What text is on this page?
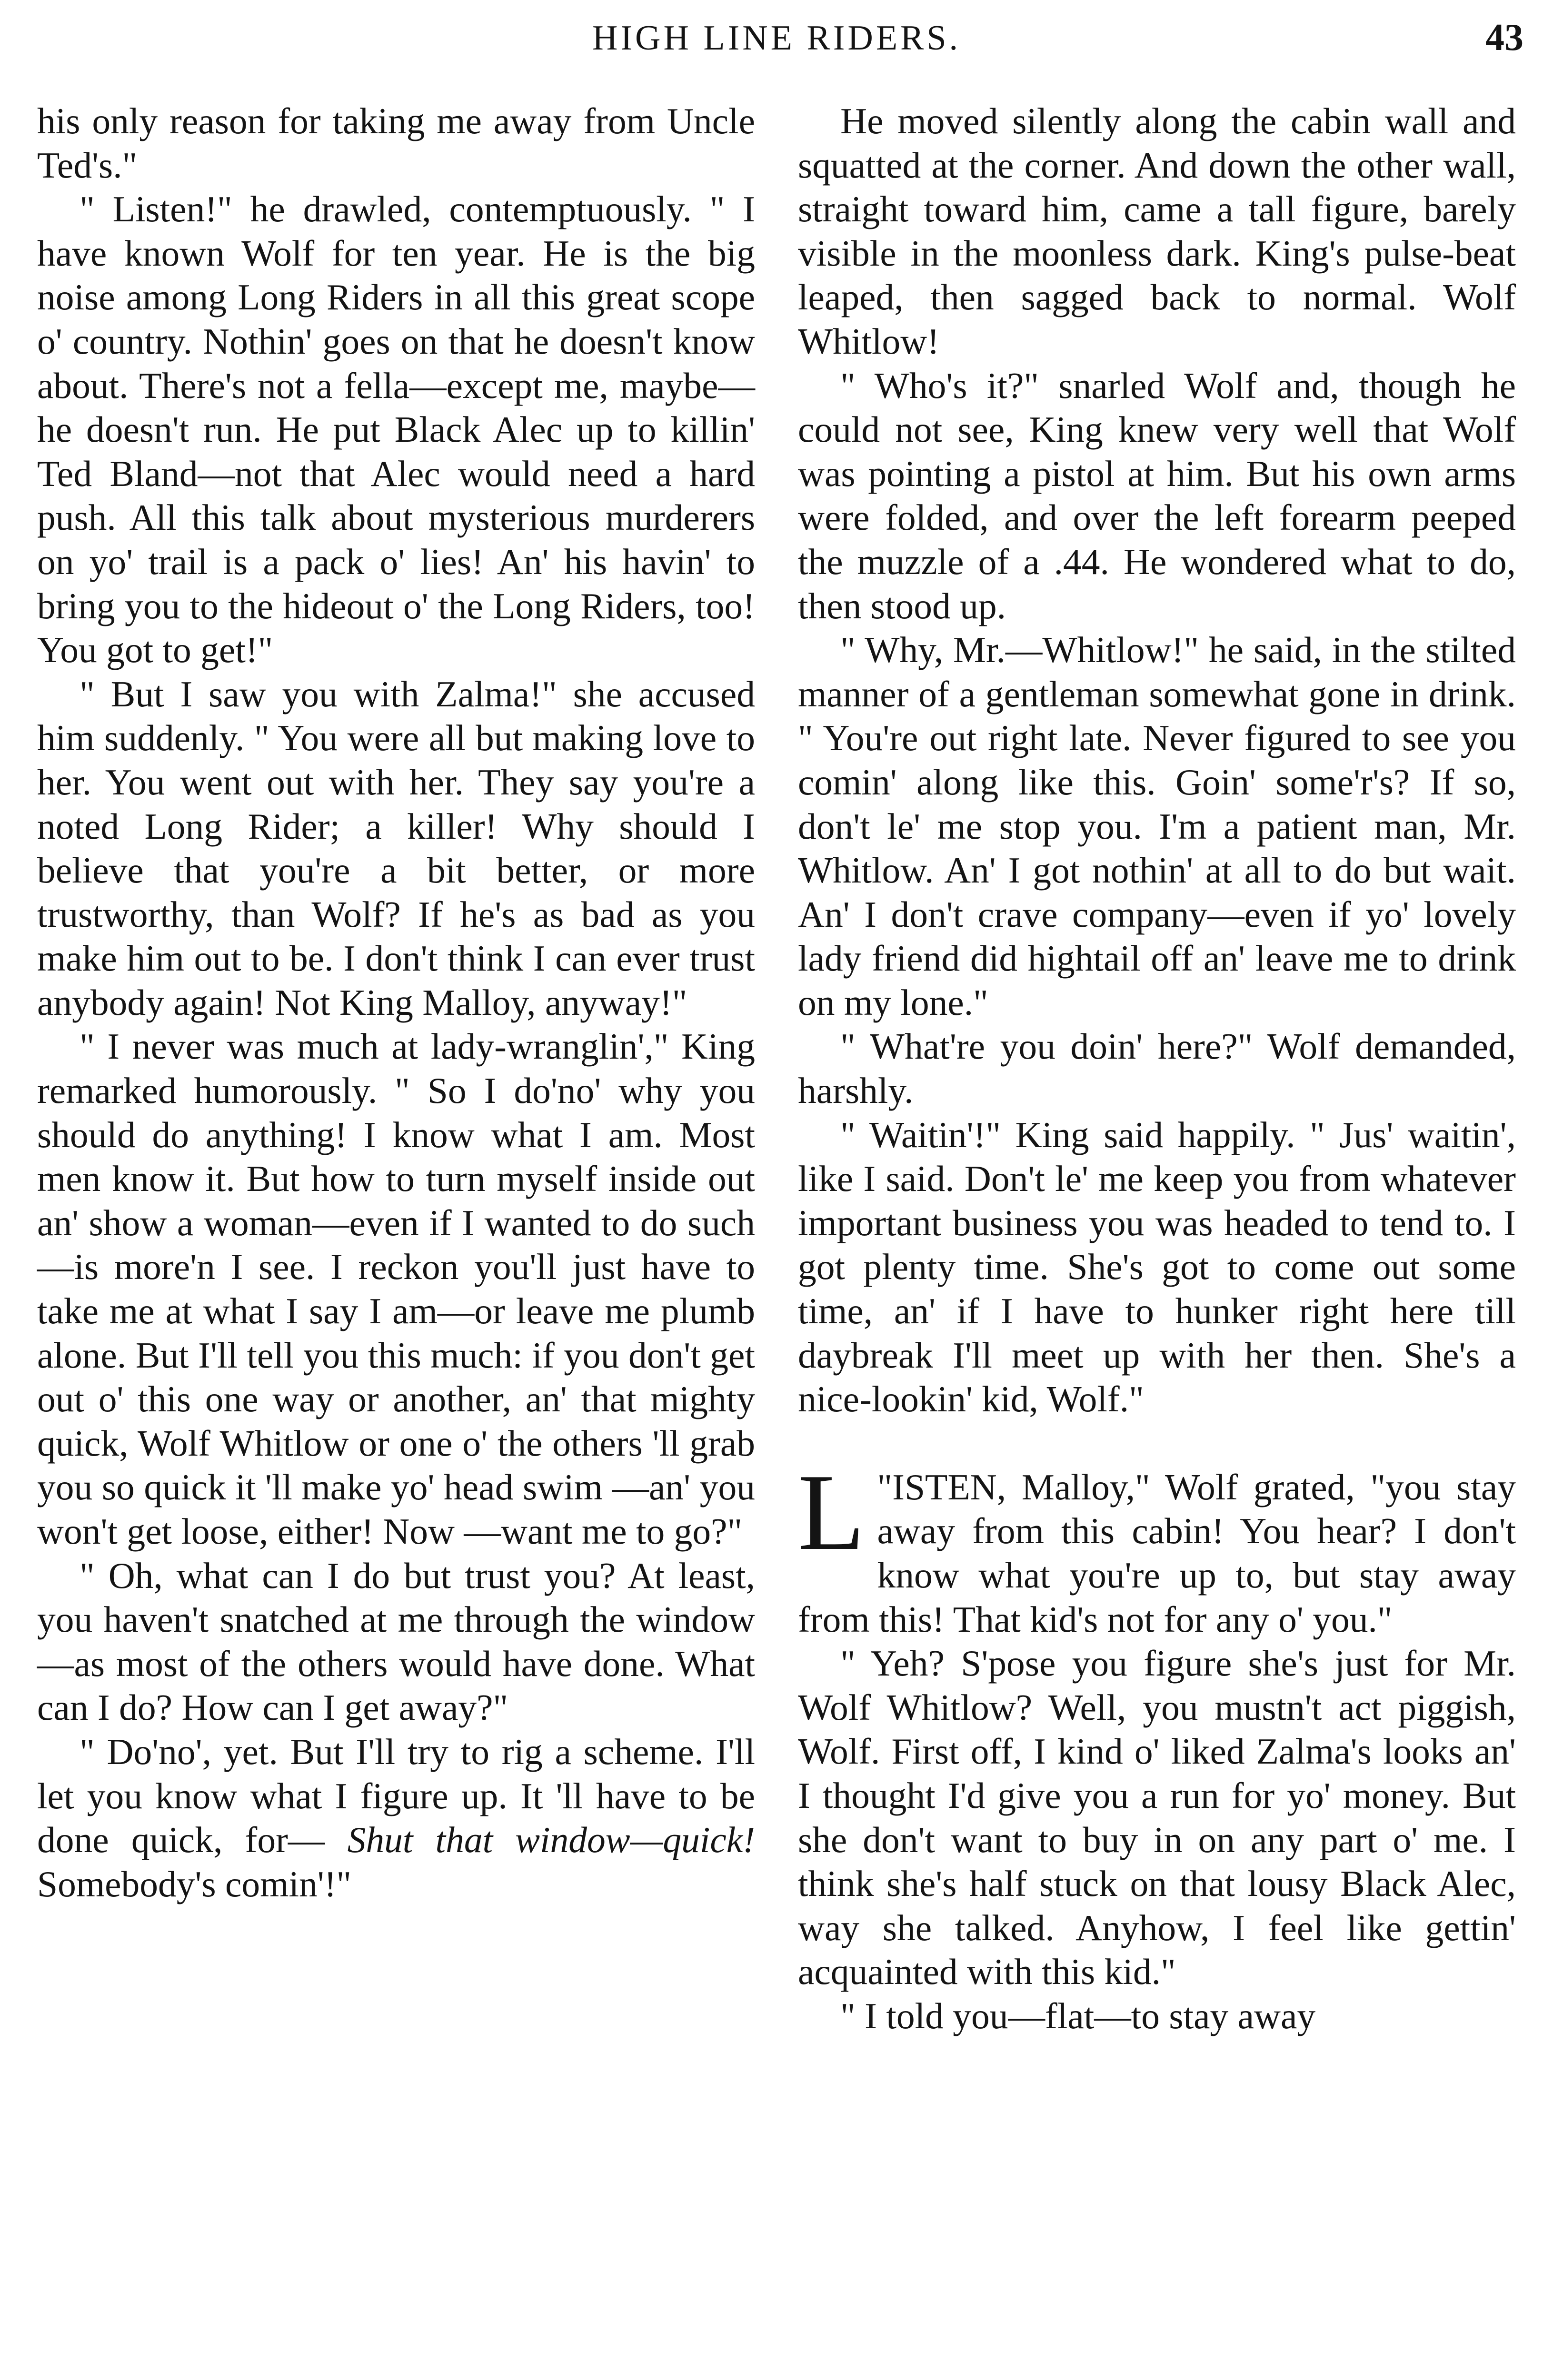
HIGH LINE RIDERS.	43

his only reason for taking me away from Uncle Ted's."

" Listen!" he drawled, contemptuously. " I have known Wolf for ten year. He is the big noise among Long Riders in all this great scope o' country. Nothin' goes on that he doesn't know about. There's not a fella—except me, maybe—he doesn't run. He put Black Alec up to killin' Ted Bland—not that Alec would need a hard push. All this talk about mysterious murderers on yo' trail is a pack o' lies! An' his havin' to bring you to the hideout o' the Long Riders, too! You got to get!"

" But I saw you with Zalma!" she accused him suddenly. " You were all but making love to her. You went out with her. They say you're a noted Long Rider; a killer! Why should I believe that you're a bit better, or more trustworthy, than Wolf? If he's as bad as you make him out to be. I don't think I can ever trust anybody again! Not King Malloy, anyway!"

" I never was much at lady-wranglin'," King remarked humorously. " So I do'no' why you should do anything! I know what I am. Most men know it. But how to turn myself inside out an' show a woman—even if I wanted to do such—is more'n I see. I reckon you'll just have to take me at what I say I am—or leave me plumb alone. But I'll tell you this much: if you don't get out o' this one way or another, an' that mighty quick, Wolf Whitlow or one o' the others 'll grab you so quick it 'll make yo' head swim —an' you won't get loose, either! Now —want me to go?"

" Oh, what can I do but trust you? At least, you haven't snatched at me through the window—as most of the others would have done. What can I do? How can I get away?"

" Do'no', yet. But I'll try to rig a scheme. I'll let you know what I figure up. It 'll have to be done quick, for— Shut that window—quick! Somebody's comin'!"

He moved silently along the cabin wall and squatted at the corner. And down the other wall, straight toward him, came a tall figure, barely visible in the moonless dark. King's pulse-beat leaped, then sagged back to normal. Wolf Whitlow!

" Who's it?" snarled Wolf and, though he could not see, King knew very well that Wolf was pointing a pistol at him. But his own arms were folded, and over the left forearm peeped the muzzle of a .44. He wondered what to do, then stood up.

" Why, Mr.—Whitlow!" he said, in the stilted manner of a gentleman somewhat gone in drink. " You're out right late. Never figured to see you comin' along like this. Goin' some'r's? If so, don't le' me stop you. I'm a patient man, Mr. Whitlow. An' I got nothin' at all to do but wait. An' I don't crave company—even if yo' lovely lady friend did hightail off an' leave me to drink on my lone."

" What're you doin' here?" Wolf demanded, harshly.

" Waitin'!" King said happily. " Jus' waitin', like I said. Don't le' me keep you from whatever important business you was headed to tend to. I got plenty time. She's got to come out some time, an' if I have to hunker right here till daybreak I'll meet up with her then. She's a nice-lookin' kid, Wolf."

"
L ISTEN, Malloy," Wolf grated, "you stay away from this cabin! You hear? I don't know what you're up to, but stay away from this! That kid's not for any o' you."

" Yeh? S'pose you figure she's just for Mr. Wolf Whitlow? Well, you mustn't act piggish, Wolf. First off, I kind o' liked Zalma's looks an' I thought I'd give you a run for yo' money. But she don't want to buy in on any part o' me. I think she's half stuck on that lousy Black Alec, way she talked. Anyhow, I feel like gettin' acquainted with this kid."

" I told you—flat—to stay away
